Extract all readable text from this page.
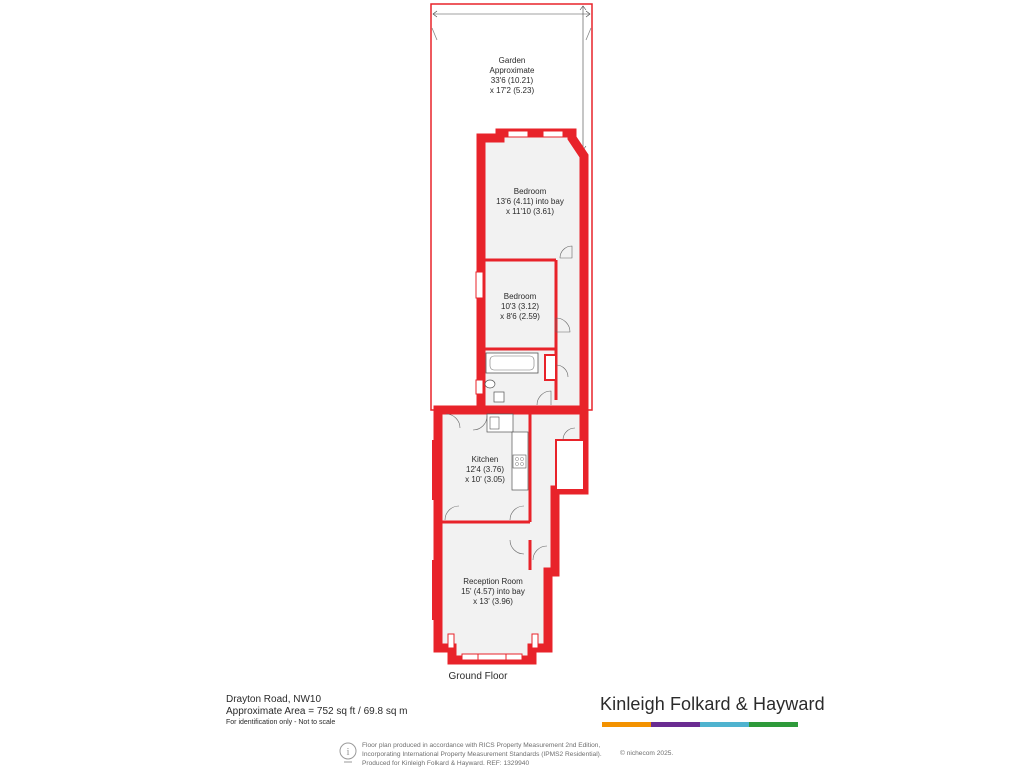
Garden
Approximate
33'6 (10.21)
x 17'2 (5.23)
Bedroom
13'6 (4.11) into bay
x 11'10 (3.61)
Bedroom
10'3 (3.12)
x 8'6 (2.59)
Kitchen
12'4 (3.76)
x 10' (3.05)
Reception Room
15' (4.57) into bay
x 13' (3.96)
Ground Floor
Drayton Road, NW10
Approximate Area = 752 sq ft / 69.8 sq m
For identification only - Not to scale
Kinleigh Folkard & Hayward
i
Floor plan produced in accordance with RICS Property Measurement 2nd Edition,
Incorporating International Property Measurement Standards (IPMS2 Residential).
Produced for Kinleigh Folkard & Hayward. REF: 1329940
© nichecom 2025.
